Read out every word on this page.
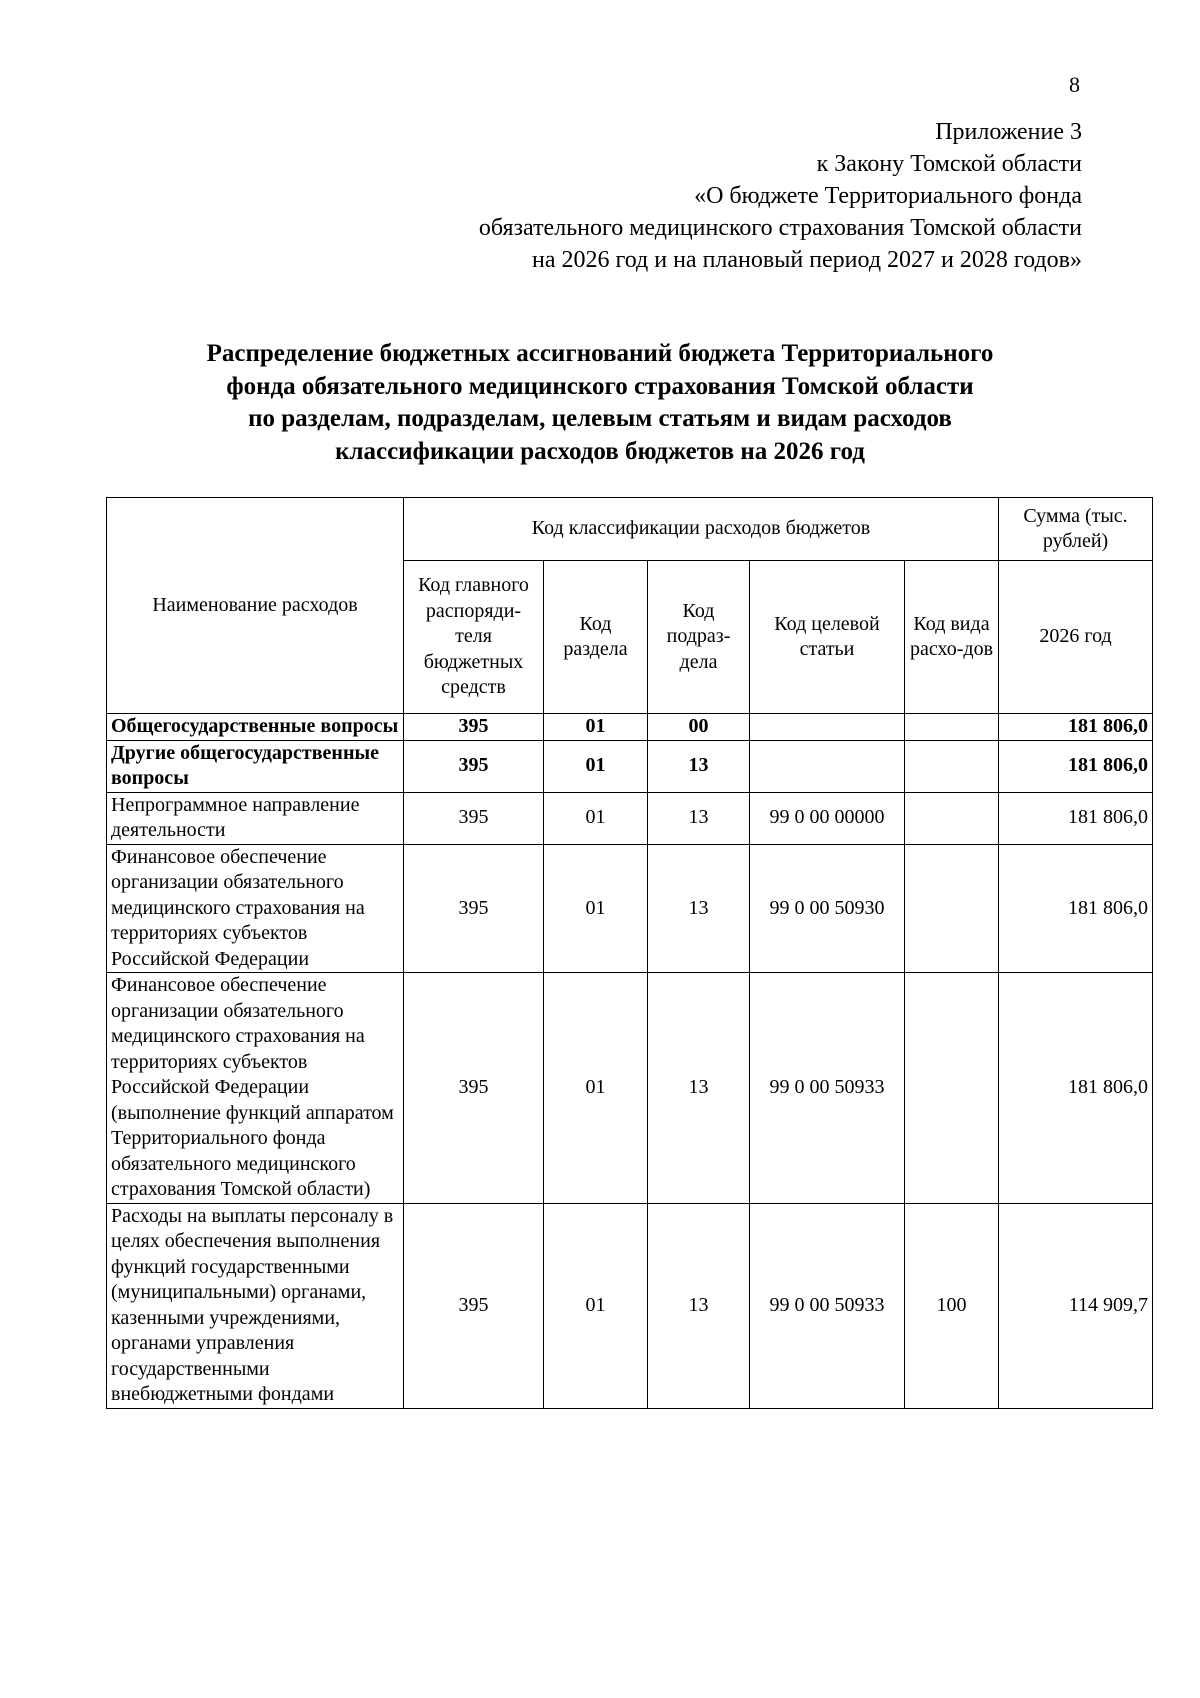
8
Приложение 3
к Закону Томской области
«О бюджете Территориального фонда
обязательного медицинского страхования Томской области
на 2026 год и на плановый период 2027 и 2028 годов»
Распределение бюджетных ассигнований бюджета Территориального
фонда обязательного медицинского страхования Томской области
по разделам, подразделам, целевым статьям и видам расходов
классификации расходов бюджетов на 2026 год
Наименование расходов	Код классификации расходов бюджетов					Сумма (тыс. рублей)
	Код главного распоряди-теля бюджетных средств	Код раздела	Код подраз-дела	Код целевой статьи	Код вида расхо-дов	2026 год
Общегосударственные вопросы	395	01	00			181 806,0
Другие общегосударственные вопросы	395	01	13			181 806,0
Непрограммное направление деятельности	395	01	13	99 0 00 00000		181 806,0
Финансовое обеспечение организации обязательного медицинского страхования на территориях субъектов Российской Федерации	395	01	13	99 0 00 50930		181 806,0
Финансовое обеспечение организации обязательного медицинского страхования на территориях субъектов Российской Федерации (выполнение функций аппаратом Территориального фонда обязательного медицинского страхования Томской области)	395	01	13	99 0 00 50933		181 806,0
Расходы на выплаты персоналу в целях обеспечения выполнения функций государственными (муниципальными) органами, казенными учреждениями, органами управления государственными внебюджетными фондами	395	01	13	99 0 00 50933	100	114 909,7
